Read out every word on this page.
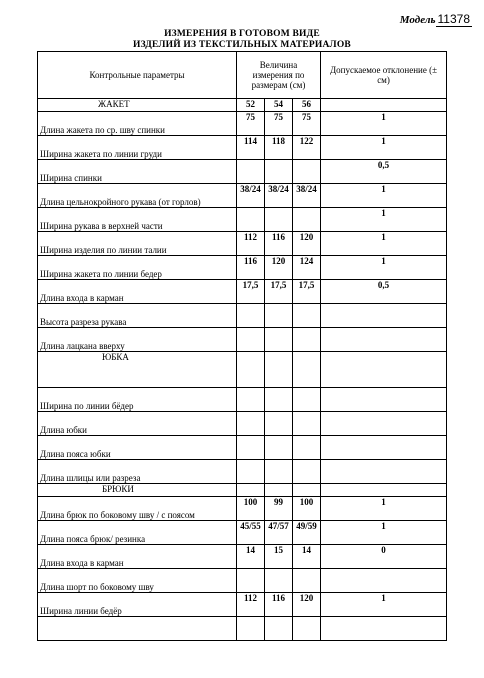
Модель 11378
ИЗМЕРЕНИЯ В ГОТОВОМ ВИДЕ
ИЗДЕЛИЙ ИЗ ТЕКСТИЛЬНЫХ МАТЕРИАЛОВ
Контрольные параметры	Величина измерения по размерам (см)			Допускаемое отклонение (± см)
ЖАКЕТ	52	54	56	
Длина жакета по ср. шву спинки	75	75	75	1
Ширина жакета по линии груди	114	118	122	1
Ширина спинки				0,5
Длина цельнокройного рукава (от горлов)	38/24	38/24	38/24	1
Ширина рукава в верхней части				1
Ширина изделия по линии талии	112	116	120	1
Ширина жакета по линии бедер	116	120	124	1
Длина входа в карман	17,5	17,5	17,5	0,5
Высота разреза рукава				
Длина лацкана вверху				
ЮБКА				
Ширина по линии бёдер				
Длина юбки				
Длина пояса юбки				
Длина шлицы или разреза				
БРЮКИ				
Длина брюк по боковому шву / с поясом	100	99	100	1
Длина пояса брюк/ резинка	45/55	47/57	49/59	1
Длина входа в карман	14	15	14	0
Длина шорт по боковому шву				
Ширина линии бедёр	112	116	120	1
